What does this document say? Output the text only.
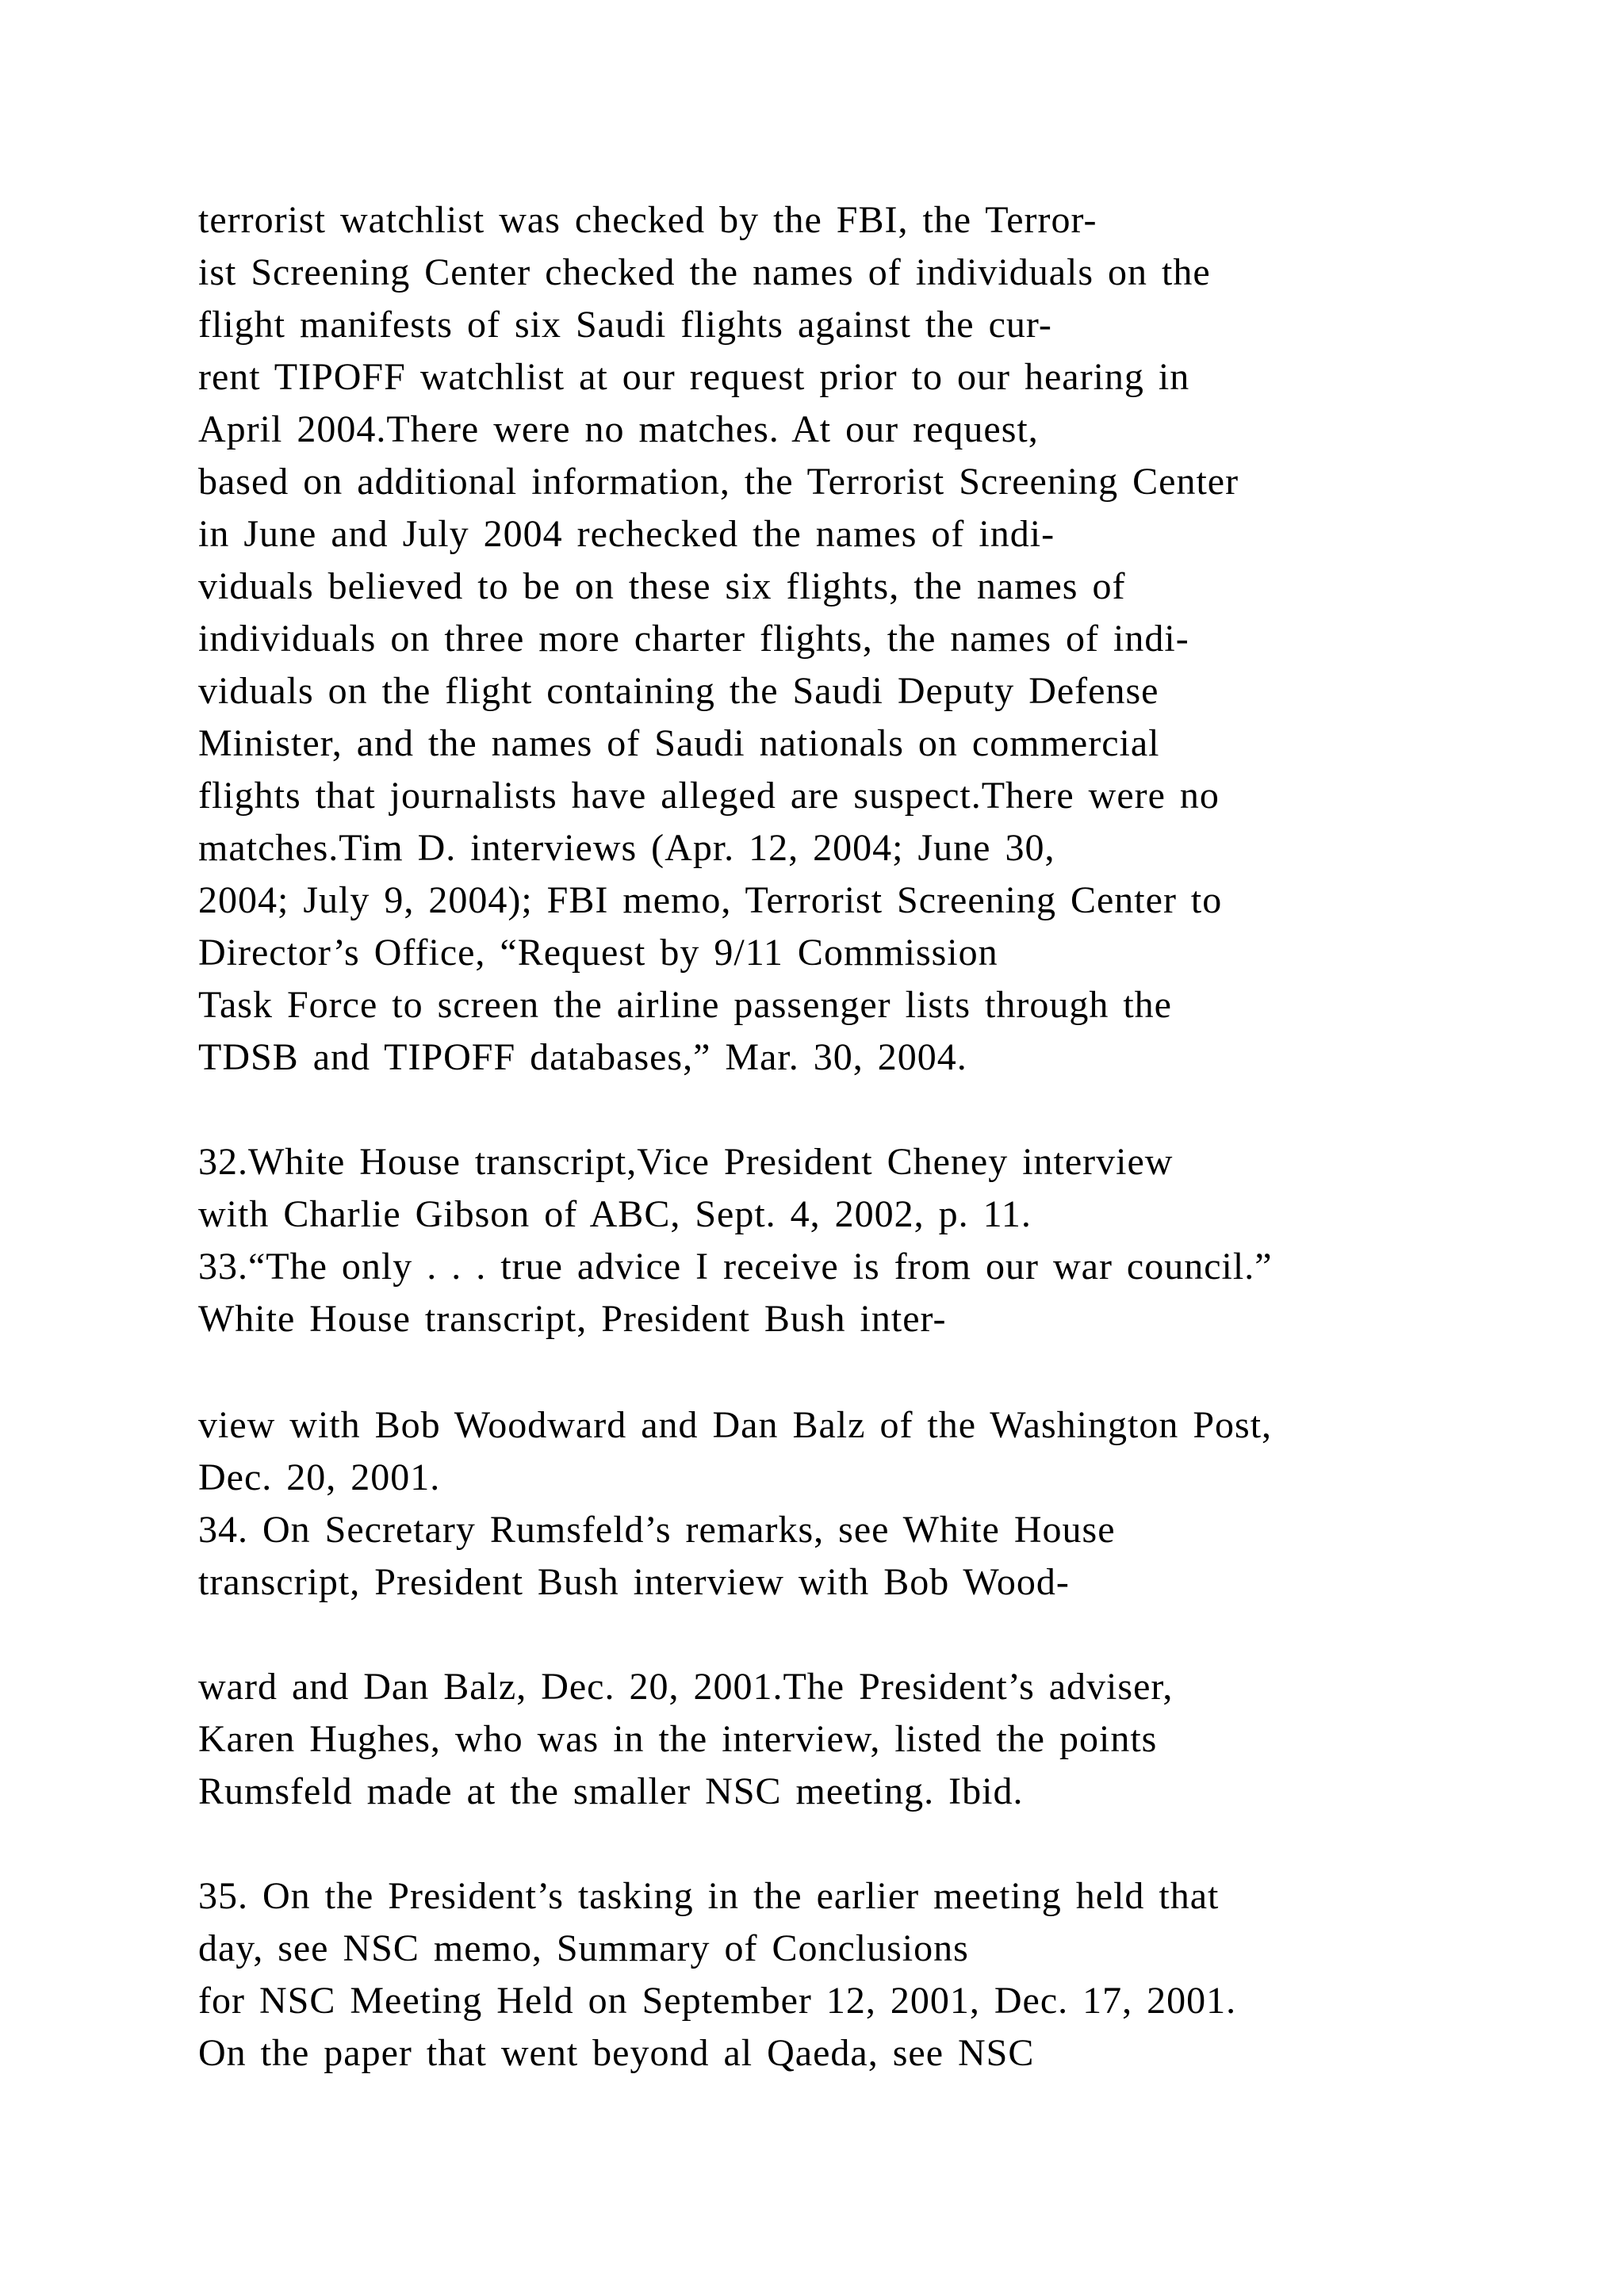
terrorist watchlist was checked by the FBI, the Terror-

ist Screening Center checked the names of individuals on the

flight manifests of six Saudi flights against the cur-

rent TIPOFF watchlist at our request prior to our hearing in

April 2004.There were no matches. At our request,

based on additional information, the Terrorist Screening Center

in June and July 2004 rechecked the names of indi-

viduals believed to be on these six flights, the names of

individuals on three more charter flights, the names of indi-

viduals on the flight containing the Saudi Deputy Defense

Minister, and the names of Saudi nationals on commercial

flights that journalists have alleged are suspect.There were no

matches.Tim D. interviews (Apr. 12, 2004; June 30,

2004; July 9, 2004); FBI memo, Terrorist Screening Center to

Director’s Office, “Request by 9/11 Commission

Task Force to screen the airline passenger lists through the

TDSB and TIPOFF databases,” Mar. 30, 2004.

32.White House transcript,Vice President Cheney interview

with Charlie Gibson of ABC, Sept. 4, 2002, p. 11.

33.“The only . . . true advice I receive is from our war council.”

White House transcript, President Bush inter-

view with Bob Woodward and Dan Balz of the Washington Post,

Dec. 20, 2001.

34. On Secretary Rumsfeld’s remarks, see White House

transcript, President Bush interview with Bob Wood-

ward and Dan Balz, Dec. 20, 2001.The President’s adviser,

Karen Hughes, who was in the interview, listed the points

Rumsfeld made at the smaller NSC meeting. Ibid.

35. On the President’s tasking in the earlier meeting held that

day, see NSC memo, Summary of Conclusions

for NSC Meeting Held on September 12, 2001, Dec. 17, 2001.

On the paper that went beyond al Qaeda, see NSC
